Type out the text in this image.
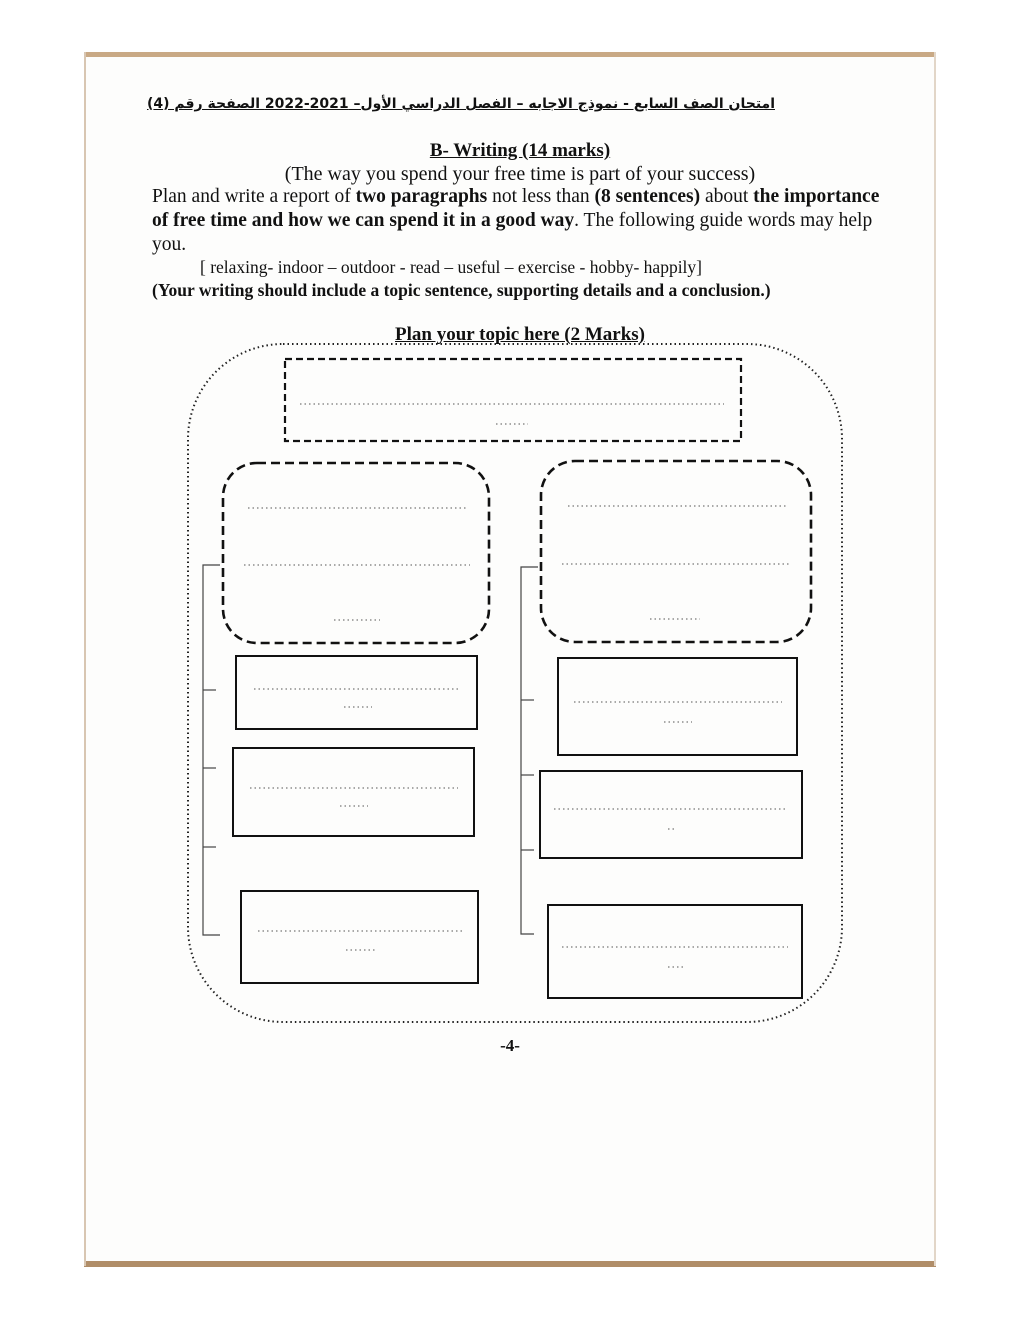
امتحان الصف السابع - نموذج الاجابه – الفصل الدراسي الأول– 2021-2022 الصفحة رقم (4)
B- Writing (14 marks)
(The way you spend your free time is part of your success)
Plan and write a report of two paragraphs not less than (8 sentences) about the importance of free time and how we can spend it in a good way. The following guide words may help you.
[ relaxing- indoor – outdoor - read – useful – exercise - hobby- happily]
(Your writing should include a topic sentence, supporting details and a conclusion.)
Plan your topic here (2 Marks)
-4-
